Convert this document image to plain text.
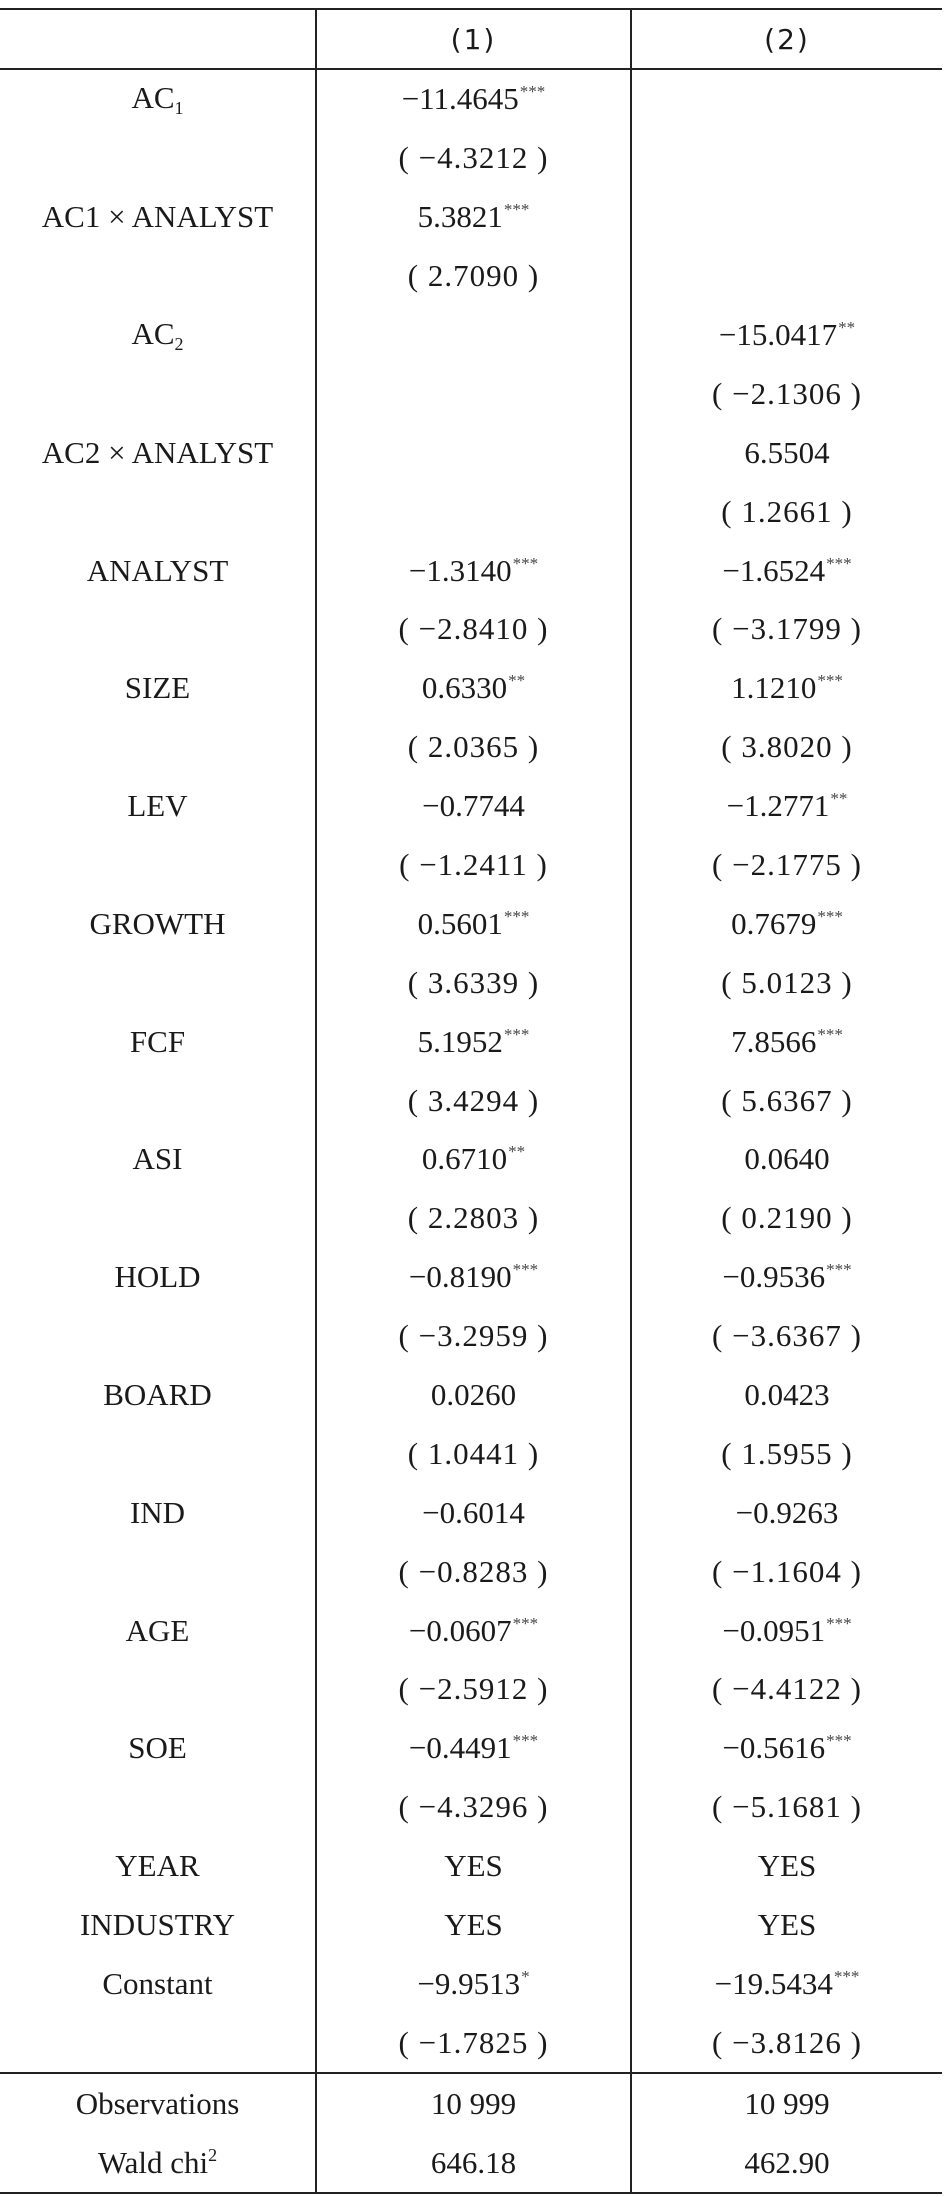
	(1)	(2)
$AC_1$	−11.4645***	
	( −4.3212 )	
AC1 × ANALYST	5.3821***	
	( 2.7090 )	
$AC_2$		−15.0417**
		( −2.1306 )
AC2 × ANALYST		6.5504
		( 1.2661 )
ANALYST	−1.3140***	−1.6524***
	( −2.8410 )	( −3.1799 )
SIZE	0.6330**	1.1210***
	( 2.0365 )	( 3.8020 )
LEV	−0.7744	−1.2771**
	( −1.2411 )	( −2.1775 )
GROWTH	0.5601***	0.7679***
	( 3.6339 )	( 5.0123 )
FCF	5.1952***	7.8566***
	( 3.4294 )	( 5.6367 )
ASI	0.6710**	0.0640
	( 2.2803 )	( 0.2190 )
HOLD	−0.8190***	−0.9536***
	( −3.2959 )	( −3.6367 )
BOARD	0.0260	0.0423
	( 1.0441 )	( 1.5955 )
IND	−0.6014	−0.9263
	( −0.8283 )	( −1.1604 )
AGE	−0.0607***	−0.0951***
	( −2.5912 )	( −4.4122 )
SOE	−0.4491***	−0.5616***
	( −4.3296 )	( −5.1681 )
YEAR	YES	YES
INDUSTRY	YES	YES
Constant	−9.9513*	−19.5434***
	( −1.7825 )	( −3.8126 )
Observations	10 999	10 999
Wald chi$^2$	646.18	462.90
